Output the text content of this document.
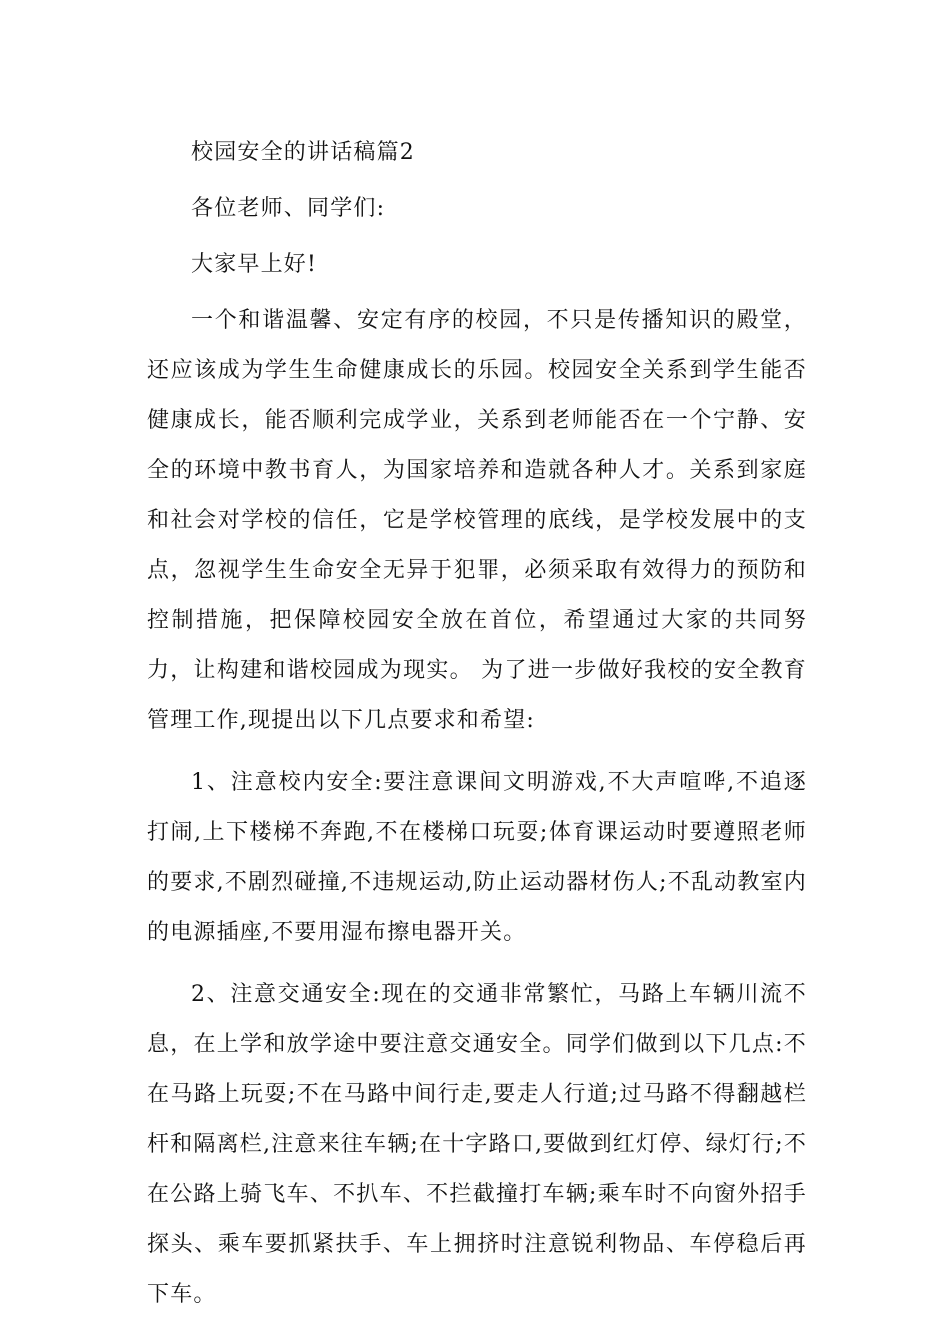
校园安全的讲话稿篇2

各位老师、同学们:

大家早上好!

一个和谐温馨、安定有序的校园，不只是传播知识的殿堂，还应该成为学生生命健康成长的乐园。校园安全关系到学生能否健康成长，能否顺利完成学业，关系到老师能否在一个宁静、安全的环境中教书育人，为国家培养和造就各种人才。关系到家庭和社会对学校的信任，它是学校管理的底线，是学校发展中的支点，忽视学生生命安全无异于犯罪，必须采取有效得力的预防和控制措施，把保障校园安全放在首位，希望通过大家的共同努力，让构建和谐校园成为现实。 为了进一步做好我校的安全教育管理工作,现提出以下几点要求和希望:

1、注意校内安全:要注意课间文明游戏,不大声喧哗,不追逐打闹,上下楼梯不奔跑,不在楼梯口玩耍;体育课运动时要遵照老师的要求,不剧烈碰撞,不违规运动,防止运动器材伤人;不乱动教室内的电源插座,不要用湿布擦电器开关。

2、注意交通安全:现在的交通非常繁忙，马路上车辆川流不息，在上学和放学途中要注意交通安全。同学们做到以下几点:不在马路上玩耍;不在马路中间行走,要走人行道;过马路不得翻越栏杆和隔离栏,注意来往车辆;在十字路口,要做到红灯停、绿灯行;不在公路上骑飞车、不扒车、不拦截撞打车辆;乘车时不向窗外招手探头、乘车要抓紧扶手、车上拥挤时注意锐利物品、车停稳后再下车。
